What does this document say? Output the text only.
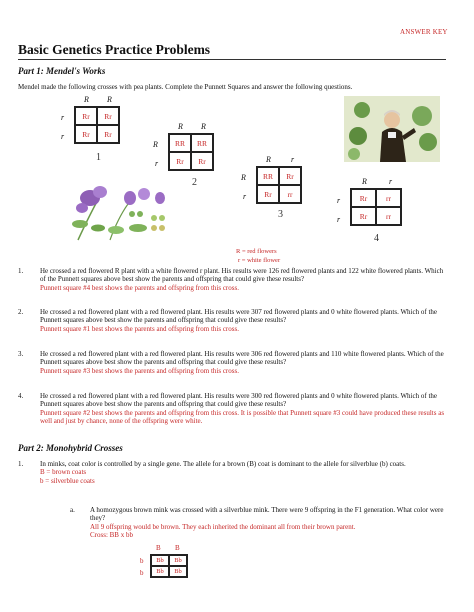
ANSWER KEY
Basic Genetics Practice Problems
Part 1: Mendel's Works
Mendel made the following crosses with pea plants. Complete the Punnett Squares and answer the following questions.
R R
r
r
Rr	Rr
Rr	Rr
1
R R
R
r
RR	RR
Rr	Rr
2
R	r
R
r
RR	Rr
Rr	rr
3
R	r
r
r
Rr	rr
Rr	rr
4
R = red flowers
r = white flower
1. He crossed a red flowered R plant with a white flowered r plant. His results were 126 red flowered plants and 122 white flowered plants. Which of the Punnett squares above best show the parents and offspring that could give these results?
Punnett square #4 best shows the parents and offspring from this cross.
2. He crossed a red flowered plant with a red flowered plant. His results were 307 red flowered plants and 0 white flowered plants. Which of the Punnett squares above best show the parents and offspring that could give these results?
Punnett square #1 best shows the parents and offspring from this cross.
3. He crossed a red flowered plant with a red flowered plant. His results were 306 red flowered plants and 110 white flowered plants. Which of the Punnett squares above best show the parents and offspring that could give these results?
Punnett square #3 best shows the parents and offspring from this cross.
4. He crossed a red flowered plant with a red flowered plant. His results were 300 red flowered plants and 0 white flowered plants. Which of the Punnett squares above best show the parents and offspring that could give these results?
Punnett square #2 best shows the parents and offspring from this cross. It is possible that Punnett square #3 could have produced these results as well and just by chance, none of the offspring were white.
Part 2: Monohybrid Crosses
1. In minks, coat color is controlled by a single gene. The allele for a brown (B) coat is dominant to the allele for silverblue (b) coats.
B = brown coats
b = silverblue coats
a. A homozygous brown mink was crossed with a silverblue mink. There were 9 offspring in the F1 generation. What color were they?
All 9 offspring would be brown. They each inherited the dominant all from their brown parent.
Cross: BB x bb
B B
b
b
Bb	Bb
Bb	Bb
